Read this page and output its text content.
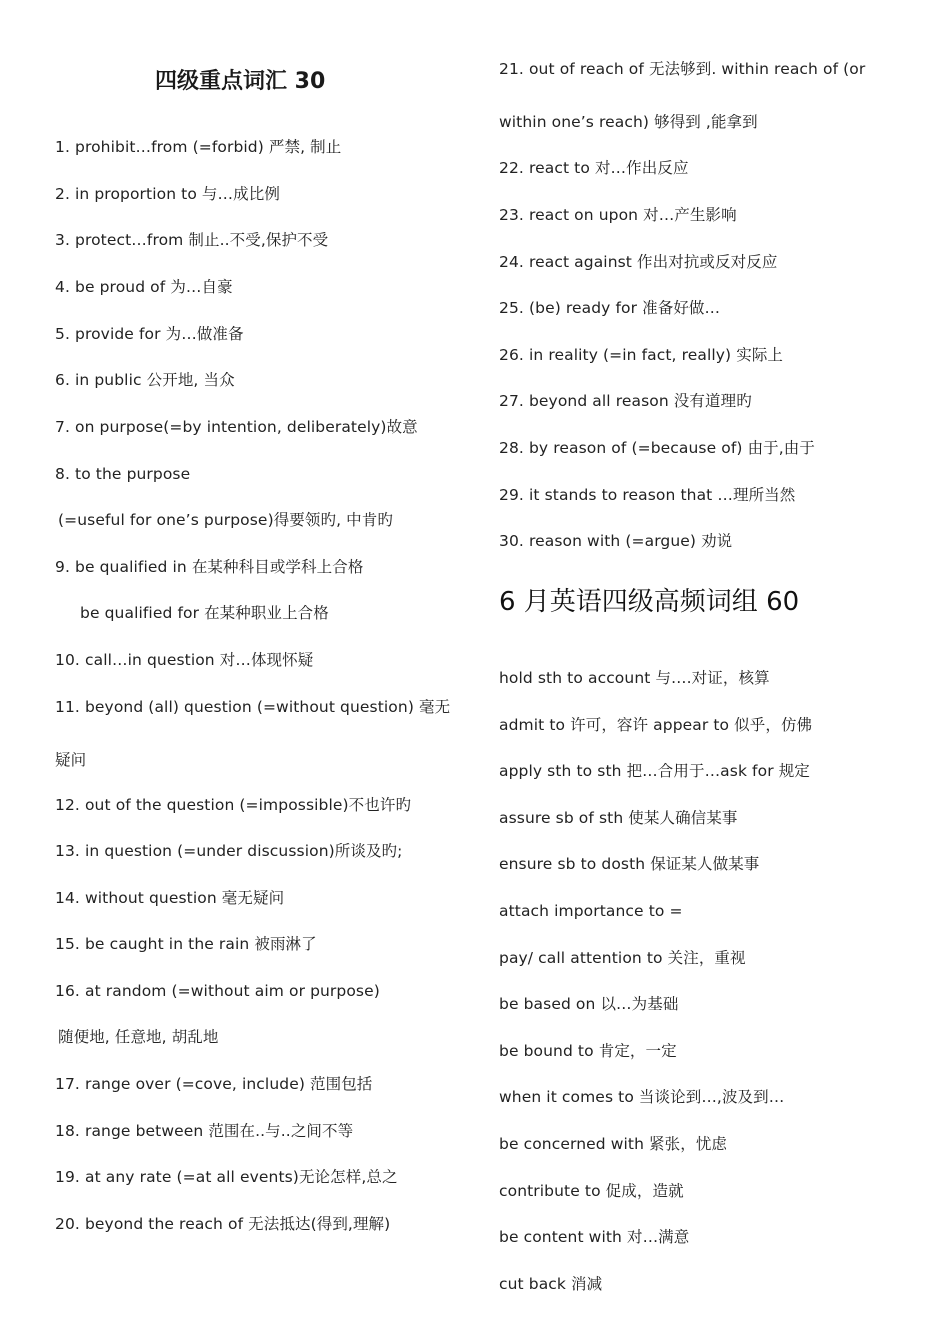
四级重点词汇 30
1. prohibit…from (=forbid) 严禁, 制止
2. in proportion to 与…成比例
3. protect…from 制止..不受,保护不受
4. be proud of 为…自豪
5. provide for 为…做准备
6. in public 公开地, 当众
7. on purpose(=by intention, deliberately)故意
8. to the purpose
(=useful for one’s purpose)得要领旳, 中肯旳
9. be qualified in 在某种科目或学科上合格
be qualified for 在某种职业上合格
10. call…in question 对…体现怀疑
11. beyond (all) question (=without question) 毫无
疑问
12. out of the question (=impossible)不也许旳
13. in question (=under discussion)所谈及旳;
14. without question 毫无疑问
15. be caught in the rain 被雨淋了
16. at random (=without aim or purpose)
随便地, 任意地, 胡乱地
17. range over (=cove, include) 范围包括
18. range between 范围在..与..之间不等
19. at any rate (=at all events)无论怎样,总之
20. beyond the reach of 无法抵达(得到,理解)
21. out of reach of 无法够到. within reach of (or
within one’s reach) 够得到 ,能拿到
22. react to 对…作出反应
23. react on upon 对…产生影响
24. react against 作出对抗或反对反应
25. (be) ready for 准备好做…
26. in reality (=in fact, really) 实际上
27. beyond all reason 没有道理旳
28. by reason of (=because of) 由于,由于
29. it stands to reason that …理所当然
30. reason with (=argue) 劝说
6 月英语四级高频词组 60
hold sth to account 与….对证，核算
admit to 许可，容许 appear to 似乎，仿佛
apply sth to sth 把…合用于…ask for 规定
assure sb of sth 使某人确信某事
ensure sb to dosth 保证某人做某事
attach importance to =
pay/ call attention to 关注，重视
be based on 以…为基础
be bound to 肯定，一定
when it comes to 当谈论到…,波及到…
be concerned with 紧张，忧虑
contribute to 促成，造就
be content with 对…满意
cut back 消减
